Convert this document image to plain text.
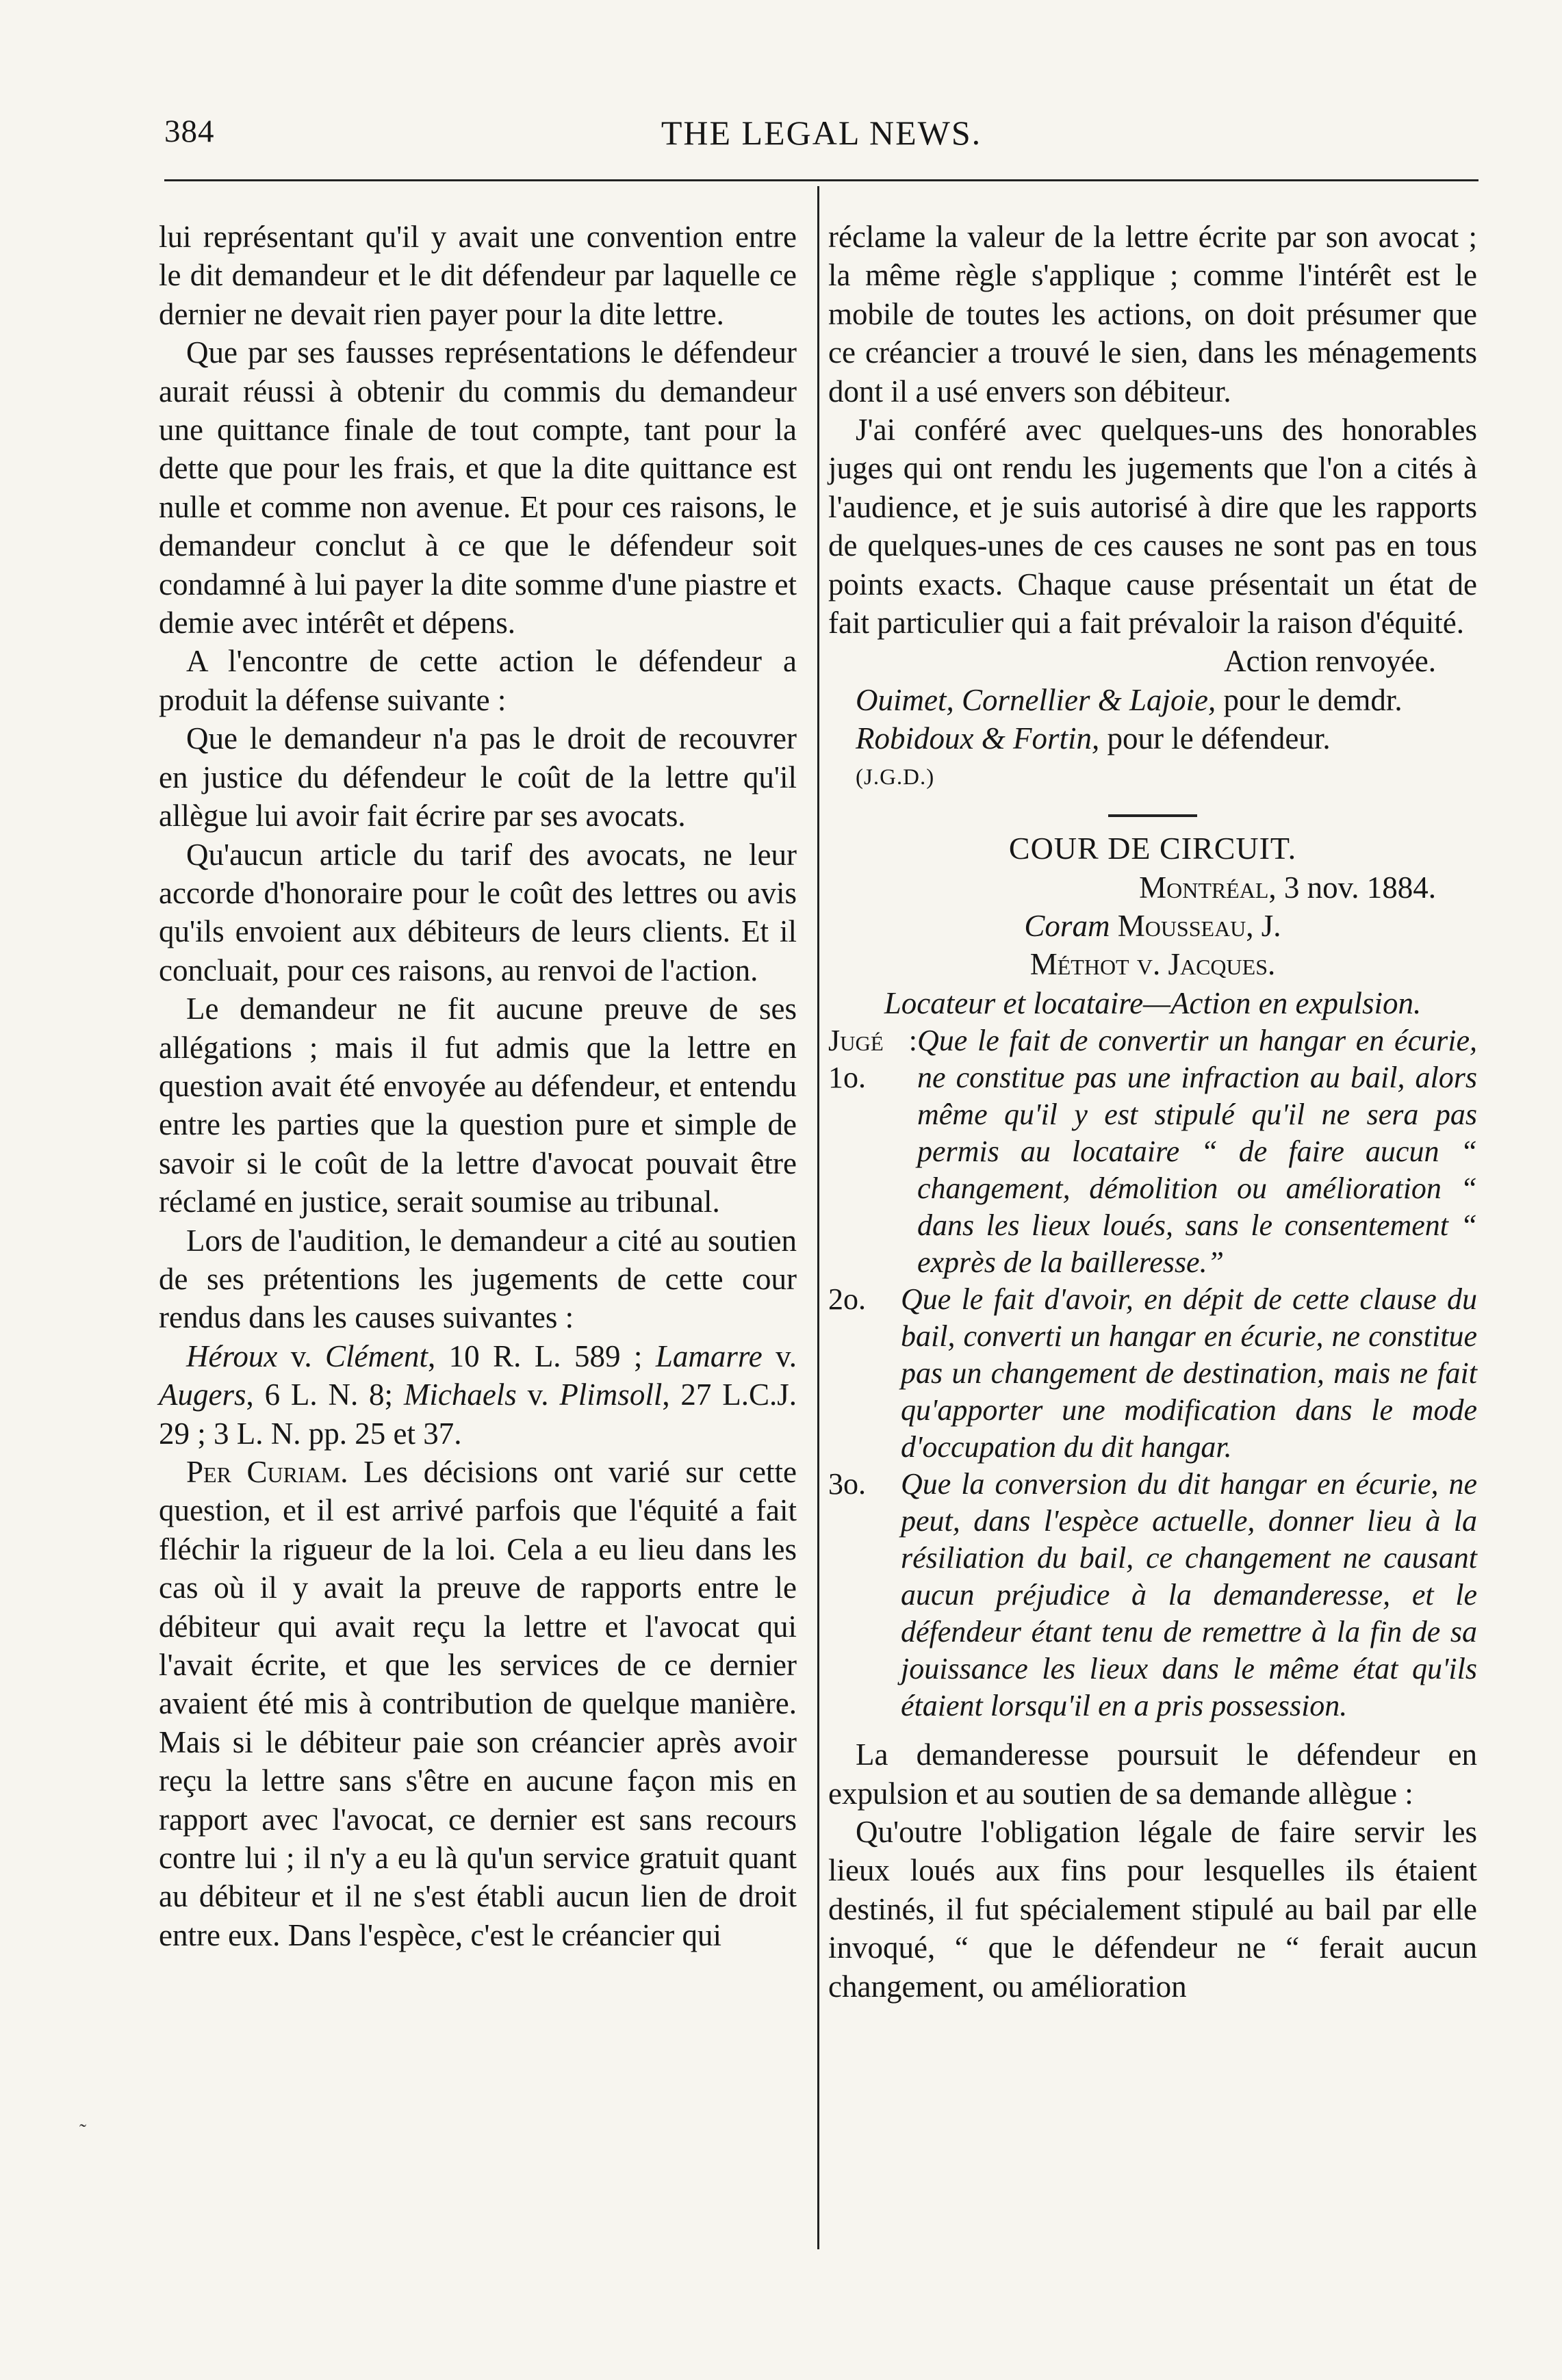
384	THE LEGAL NEWS.

lui représentant qu'il y avait une convention entre le dit demandeur et le dit défendeur par laquelle ce dernier ne devait rien payer pour la dite lettre.

Que par ses fausses représentations le défendeur aurait réussi à obtenir du commis du demandeur une quittance finale de tout compte, tant pour la dette que pour les frais, et que la dite quittance est nulle et comme non avenue. Et pour ces raisons, le demandeur conclut à ce que le défendeur soit condamné à lui payer la dite somme d'une piastre et demie avec intérêt et dépens.

A l'encontre de cette action le défendeur a produit la défense suivante :

Que le demandeur n'a pas le droit de recouvrer en justice du défendeur le coût de la lettre qu'il allègue lui avoir fait écrire par ses avocats.

Qu'aucun article du tarif des avocats, ne leur accorde d'honoraire pour le coût des lettres ou avis qu'ils envoient aux débiteurs de leurs clients. Et il concluait, pour ces raisons, au renvoi de l'action.

Le demandeur ne fit aucune preuve de ses allégations ; mais il fut admis que la lettre en question avait été envoyée au défendeur, et entendu entre les parties que la question pure et simple de savoir si le coût de la lettre d'avocat pouvait être réclamé en justice, serait soumise au tribunal.

Lors de l'audition, le demandeur a cité au soutien de ses prétentions les jugements de cette cour rendus dans les causes suivantes :

Héroux v. Clément, 10 R. L. 589 ; Lamarre v. Augers, 6 L. N. 8; Michaels v. Plimsoll, 27 L.C.J. 29 ; 3 L. N. pp. 25 et 37.

Per Curiam. Les décisions ont varié sur cette question, et il est arrivé parfois que l'équité a fait fléchir la rigueur de la loi. Cela a eu lieu dans les cas où il y avait la preuve de rapports entre le débiteur qui avait reçu la lettre et l'avocat qui l'avait écrite, et que les services de ce dernier avaient été mis à contribution de quelque manière. Mais si le débiteur paie son créancier après avoir reçu la lettre sans s'être en aucune façon mis en rapport avec l'avocat, ce dernier est sans recours contre lui ; il n'y a eu là qu'un service gratuit quant au débiteur et il ne s'est établi aucun lien de droit entre eux. Dans l'espèce, c'est le créancier qui

réclame la valeur de la lettre écrite par son avocat ; la même règle s'applique ; comme l'intérêt est le mobile de toutes les actions, on doit présumer que ce créancier a trouvé le sien, dans les ménagements dont il a usé envers son débiteur.

J'ai conféré avec quelques-uns des honorables juges qui ont rendu les jugements que l'on a cités à l'audience, et je suis autorisé à dire que les rapports de quelques-unes de ces causes ne sont pas en tous points exacts. Chaque cause présentait un état de fait particulier qui a fait prévaloir la raison d'équité.

Action renvoyée.

Ouimet, Cornellier & Lajoie, pour le demdr.

Robidoux & Fortin, pour le défendeur.

(J.G.D.)

COUR DE CIRCUIT.

Montréal, 3 nov. 1884.

Coram Mousseau, J.

Méthot v. Jacques.

Locateur et locataire—Action en expulsion.

Jugé : 1o.
Que le fait de convertir un hangar en écurie, ne constitue pas une infraction au bail, alors même qu'il y est stipulé qu'il ne sera pas permis au locataire “ de faire aucun “ changement, démolition ou amélioration “ dans les lieux loués, sans le consentement “ exprès de la bailleresse.”
2o.	Que le fait d'avoir, en dépit de cette clause du bail, converti un hangar en écurie, ne constitue pas un changement de destination, mais ne fait qu'apporter une modification dans le mode d'occupation du dit hangar.
3o.	Que la conversion du dit hangar en écurie, ne peut, dans l'espèce actuelle, donner lieu à la résiliation du bail, ce changement ne causant aucun préjudice à la demanderesse, et le défendeur étant tenu de remettre à la fin de sa jouissance les lieux dans le même état qu'ils étaient lorsqu'il en a pris possession.

La demanderesse poursuit le défendeur en expulsion et au soutien de sa demande allègue :

Qu'outre l'obligation légale de faire servir les lieux loués aux fins pour lesquelles ils étaient destinés, il fut spécialement stipulé au bail par elle invoqué, “ que le défendeur ne “ ferait aucun changement, ou amélioration

˜
